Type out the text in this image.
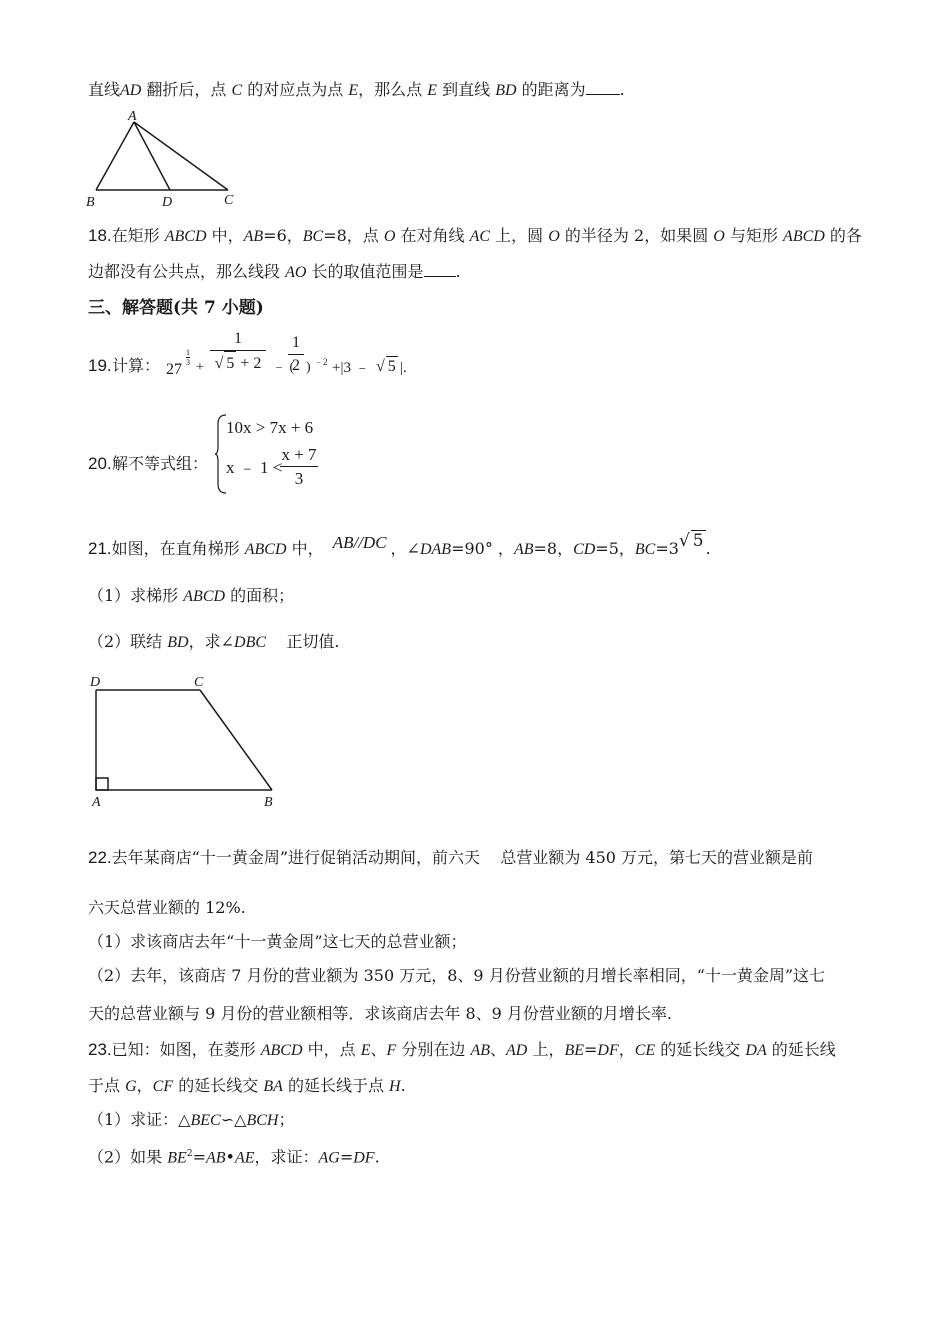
直线AD 翻折后，点 C 的对应点为点 E，那么点 E 到直线 BD 的距离为 .
A
B	D	C
18.在矩形 ABCD 中，AB=6，BC=8，点 O 在对角线 AC 上，圆 O 的半径为 2，如果圆 O 与矩形 ABCD 的各
边都没有公共点，那么线段 AO 长的取值范围是 .
三、解答题(共 7 小题)
19. 计算： 27
1
3 +
1
√ 5 + 2 ﹣ (
1
2 ) ﹣2 +|3 ﹣ √ 5 |.
20. 解不等式组：
10x > 7x + 6
x ﹣ 1 <
x + 7
3
21.如图，在直角梯形 ABCD 中， AB//DC ，∠DAB=90° ，AB=8，CD=5，BC=3√ 5 .
（1）求梯形 ABCD 的面积；
（2）联结 BD，求∠DBC    正切值.
D	C
A	B
22.去年某商店“十一黄金周”进行促销活动期间，前六天    总营业额为 450 万元，第七天的营业额是前
六天总营业额的 12%.
（1）求该商店去年“十一黄金周”这七天的总营业额；
（2）去年，该商店 7 月份的营业额为 350 万元，8、9 月份营业额的月增长率相同，“十一黄金周”这七
天的总营业额与 9 月份的营业额相等．求该商店去年 8、9 月份营业额的月增长率.
23.已知：如图，在菱形 ABCD 中，点 E、F 分别在边 AB、AD 上，BE=DF，CE 的延长线交 DA 的延长线
于点 G，CF 的延长线交 BA 的延长线于点 H.
（1）求证：△BEC∽△BCH；
（2）如果 $BE^2=AB•AE$，求证：AG=DF.
